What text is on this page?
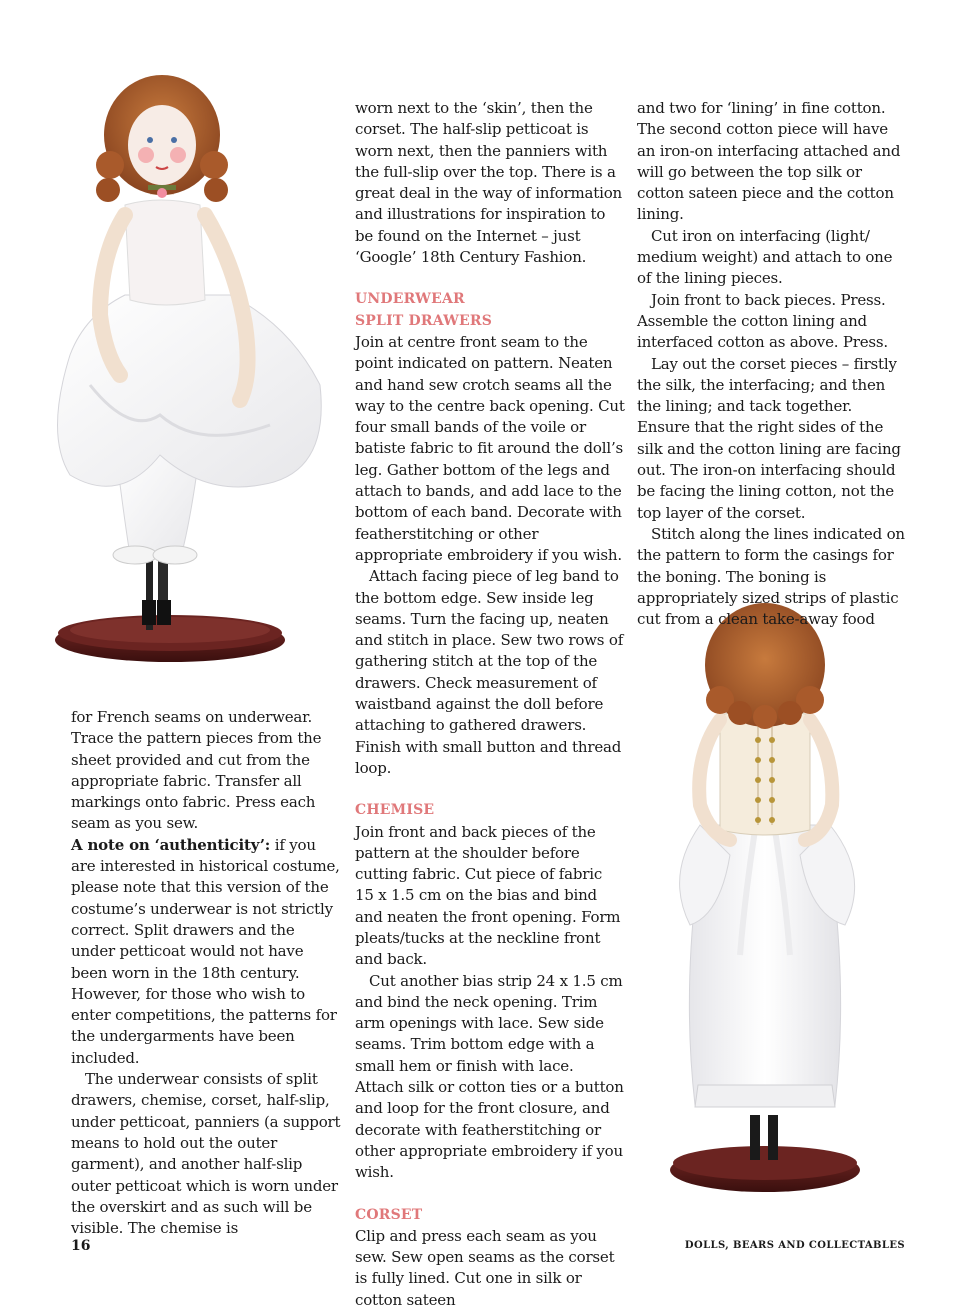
for French seams on underwear. Trace the pattern pieces from the sheet provided and cut from the appropriate fabric. Transfer all markings onto fabric. Press each seam as you sew.

A note on ‘authenticity’: if you are interested in historical costume, please note that this version of the costume’s underwear is not strictly correct. Split drawers and the under petticoat would not have been worn in the 18th century. However, for those who wish to enter competitions, the patterns for the undergarments have been included.

The underwear consists of split drawers, chemise, corset, half-slip, under petticoat, panniers (a support means to hold out the outer garment), and another half-slip outer petticoat which is worn under the overskirt and as such will be visible. The chemise is

worn next to the ‘skin’, then the corset. The half-slip petticoat is worn next, then the panniers with the full-slip over the top. There is a great deal in the way of information and illustrations for inspiration to be found on the Internet – just ‘Google’ 18th Century Fashion.

UNDERWEAR
SPLIT DRAWERS

Join at centre front seam to the point indicated on pattern. Neaten and hand sew crotch seams all the way to the centre back opening. Cut four small bands of the voile or batiste fabric to fit around the doll’s leg. Gather bottom of the legs and attach to bands, and add lace to the bottom of each band. Decorate with featherstitching or other appropriate embroidery if you wish.

Attach facing piece of leg band to the bottom edge. Sew inside leg seams. Turn the facing up, neaten and stitch in place. Sew two rows of gathering stitch at the top of the drawers. Check measurement of waistband against the doll before attaching to gathered drawers. Finish with small button and thread loop.

CHEMISE

Join front and back pieces of the pattern at the shoulder before cutting fabric. Cut piece of fabric 15 x 1.5 cm on the bias and bind and neaten the front opening. Form pleats/tucks at the neckline front and back.

Cut another bias strip 24 x 1.5 cm and bind the neck opening. Trim arm openings with lace. Sew side seams. Trim bottom edge with a small hem or finish with lace. Attach silk or cotton ties or a button and loop for the front closure, and decorate with featherstitching or other appropriate embroidery if you wish.

CORSET

Clip and press each seam as you sew. Sew open seams as the corset is fully lined. Cut one in silk or cotton sateen

and two for ‘lining’ in fine cotton. The second cotton piece will have an iron-on interfacing attached and will go between the top silk or cotton sateen piece and the cotton lining.

Cut iron on interfacing (light/ medium weight) and attach to one of the lining pieces.

Join front to back pieces. Press. Assemble the cotton lining and interfaced cotton as above. Press.

Lay out the corset pieces – firstly the silk, the interfacing; and then the lining; and tack together. Ensure that the right sides of the silk and the cotton lining are facing out. The iron-on interfacing should be facing the lining cotton, not the top layer of the corset.

Stitch along the lines indicated on the pattern to form the casings for the boning. The boning is appropriately sized strips of plastic cut from a clean take-away food

16	DOLLS, BEARS AND COLLECTABLES
